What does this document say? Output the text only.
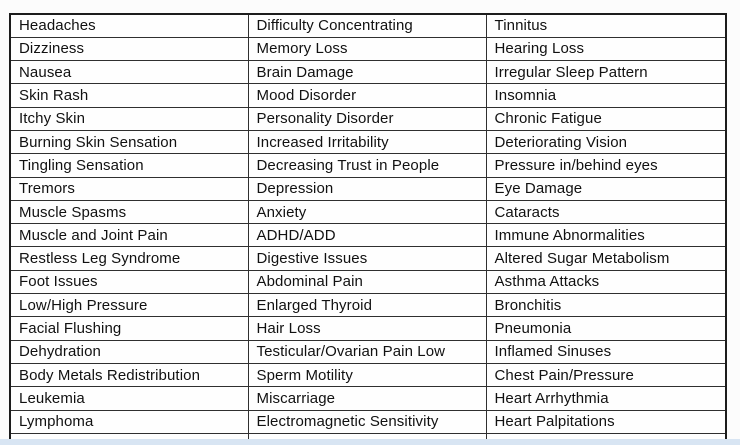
Headaches	Difficulty Concentrating	Tinnitus
Dizziness	Memory Loss	Hearing Loss
Nausea	Brain Damage	Irregular Sleep Pattern
Skin Rash	Mood Disorder	Insomnia
Itchy Skin	Personality Disorder	Chronic Fatigue
Burning Skin Sensation	Increased Irritability	Deteriorating Vision
Tingling Sensation	Decreasing Trust in People	Pressure in/behind eyes
Tremors	Depression	Eye Damage
Muscle Spasms	Anxiety	Cataracts
Muscle and Joint Pain	ADHD/ADD	Immune Abnormalities
Restless Leg Syndrome	Digestive Issues	Altered Sugar Metabolism
Foot Issues	Abdominal Pain	Asthma Attacks
Low/High Pressure	Enlarged Thyroid	Bronchitis
Facial Flushing	Hair Loss	Pneumonia
Dehydration	Testicular/Ovarian Pain Low	Inflamed Sinuses
Body Metals Redistribution	Sperm Motility	Chest Pain/Pressure
Leukemia	Miscarriage	Heart Arrhythmia
Lymphoma	Electromagnetic Sensitivity	Heart Palpitations
